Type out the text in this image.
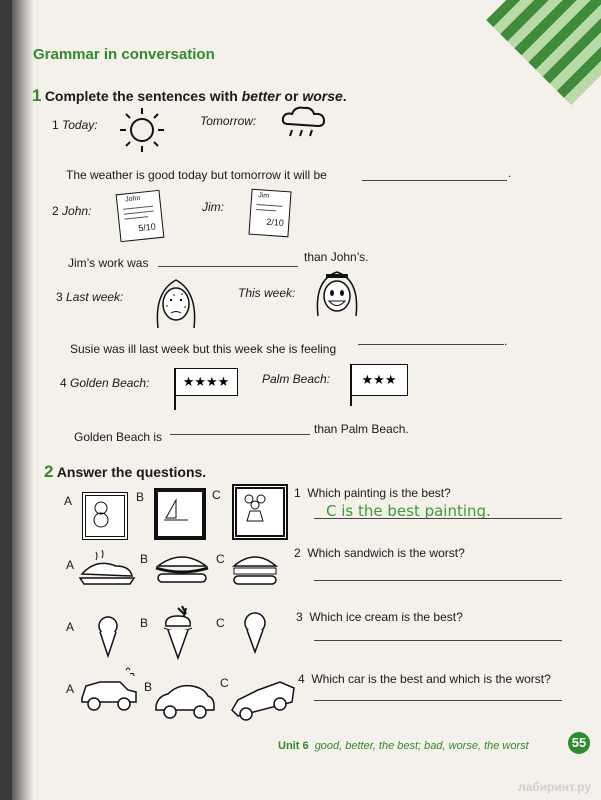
Grammar in conversation
1 Complete the sentences with better or worse.
1 Today:	Tomorrow:
The weather is good today but tomorrow it will be	.
2 John:
John
5/10
Jim:
Jim
2/10
Jim’s work was	than John’s.
3 Last week:	This week:
Susie was ill last week but this week she is feeling
.
4 Golden Beach:	★★★★	Palm Beach:	★★★
Golden Beach is
than Palm Beach.
2 Answer the questions.
A	B	C	1 Which painting is the best?
C is the best painting.
A	B	C	2 Which sandwich is the worst?
A	B	C	3 Which ice cream is the best?
A	B	C	4 Which car is the best and which is the worst?
Unit 6 good, better, the best; bad, worse, the worst	55
лабиринт.ру
